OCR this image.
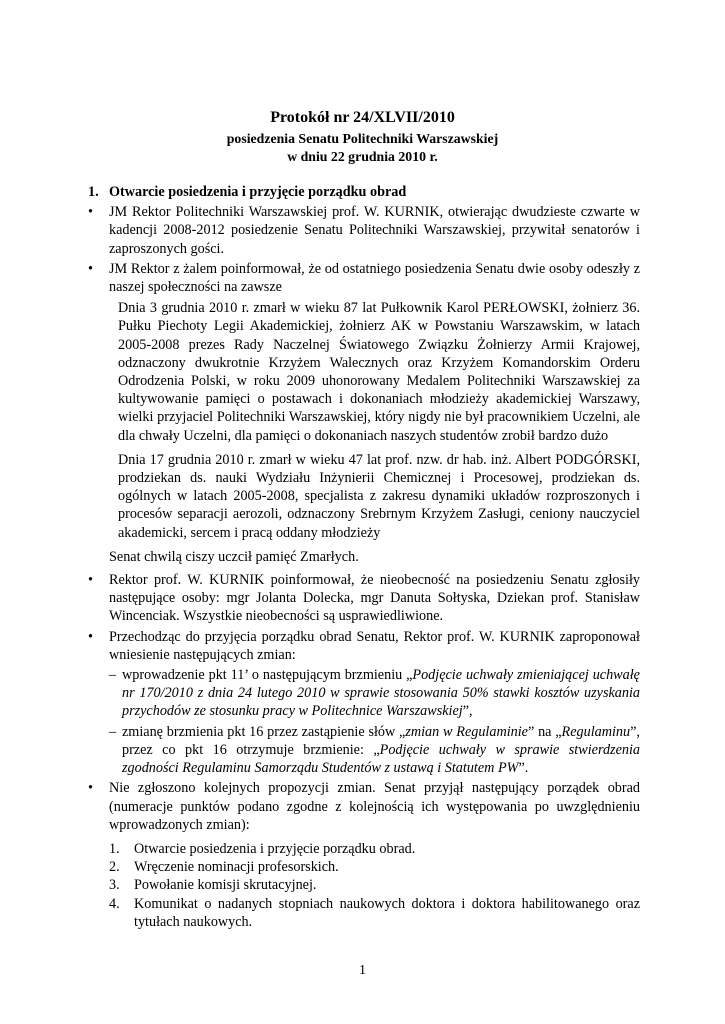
Protokół nr 24/XLVII/2010
posiedzenia Senatu Politechniki Warszawskiej
w dniu 22 grudnia 2010 r.
1. Otwarcie posiedzenia i przyjęcie porządku obrad
• JM Rektor Politechniki Warszawskiej prof. W. KURNIK, otwierając dwudzieste czwarte w kadencji 2008-2012 posiedzenie Senatu Politechniki Warszawskiej, przywitał senatorów i zaproszonych gości.
• JM Rektor z żalem poinformował, że od ostatniego posiedzenia Senatu dwie osoby odeszły z naszej społeczności na zawsze
Dnia 3 grudnia 2010 r. zmarł w wieku 87 lat Pułkownik Karol PERŁOWSKI, żołnierz 36. Pułku Piechoty Legii Akademickiej, żołnierz AK w Powstaniu Warszawskim, w latach 2005-2008 prezes Rady Naczelnej Światowego Związku Żołnierzy Armii Krajowej, odznaczony dwukrotnie Krzyżem Walecznych oraz Krzyżem Komandorskim Orderu Odrodzenia Polski, w roku 2009 uhonorowany Medalem Politechniki Warszawskiej za kultywowanie pamięci o postawach i dokonaniach młodzieży akademickiej Warszawy, wielki przyjaciel Politechniki Warszawskiej, który nigdy nie był pracownikiem Uczelni, ale dla chwały Uczelni, dla pamięci o dokonaniach naszych studentów zrobił bardzo dużo
Dnia 17 grudnia 2010 r. zmarł w wieku 47 lat prof. nzw. dr hab. inż. Albert PODGÓRSKI, prodziekan ds. nauki Wydziału Inżynierii Chemicznej i Procesowej, prodziekan ds. ogólnych w latach 2005-2008, specjalista z zakresu dynamiki układów rozproszonych i procesów separacji aerozoli, odznaczony Srebrnym Krzyżem Zasługi, ceniony nauczyciel akademicki, sercem i pracą oddany młodzieży
Senat chwilą ciszy uczcił pamięć Zmarłych.
• Rektor prof. W. KURNIK poinformował, że nieobecność na posiedzeniu Senatu zgłosiły następujące osoby: mgr Jolanta Dolecka, mgr Danuta Sołtyska, Dziekan prof. Stanisław Wincenciak. Wszystkie nieobecności są usprawiedliwione.
• Przechodząc do przyjęcia porządku obrad Senatu, Rektor prof. W. KURNIK zaproponował wniesienie następujących zmian:
– wprowadzenie pkt 11’ o następującym brzmieniu „Podjęcie uchwały zmieniającej uchwałę nr 170/2010 z dnia 24 lutego 2010 w sprawie stosowania 50% stawki kosztów uzyskania przychodów ze stosunku pracy w Politechnice Warszawskiej”,
– zmianę brzmienia pkt 16 przez zastąpienie słów „zmian w Regulaminie” na „Regulaminu”, przez co pkt 16 otrzymuje brzmienie: „Podjęcie uchwały w sprawie stwierdzenia zgodności Regulaminu Samorządu Studentów z ustawą i Statutem PW”.
• Nie zgłoszono kolejnych propozycji zmian. Senat przyjął następujący porządek obrad (numeracje punktów podano zgodne z kolejnością ich występowania po uwzględnieniu wprowadzonych zmian):
1. Otwarcie posiedzenia i przyjęcie porządku obrad.
2. Wręczenie nominacji profesorskich.
3. Powołanie komisji skrutacyjnej.
4. Komunikat o nadanych stopniach naukowych doktora i doktora habilitowanego oraz tytułach naukowych.
1
